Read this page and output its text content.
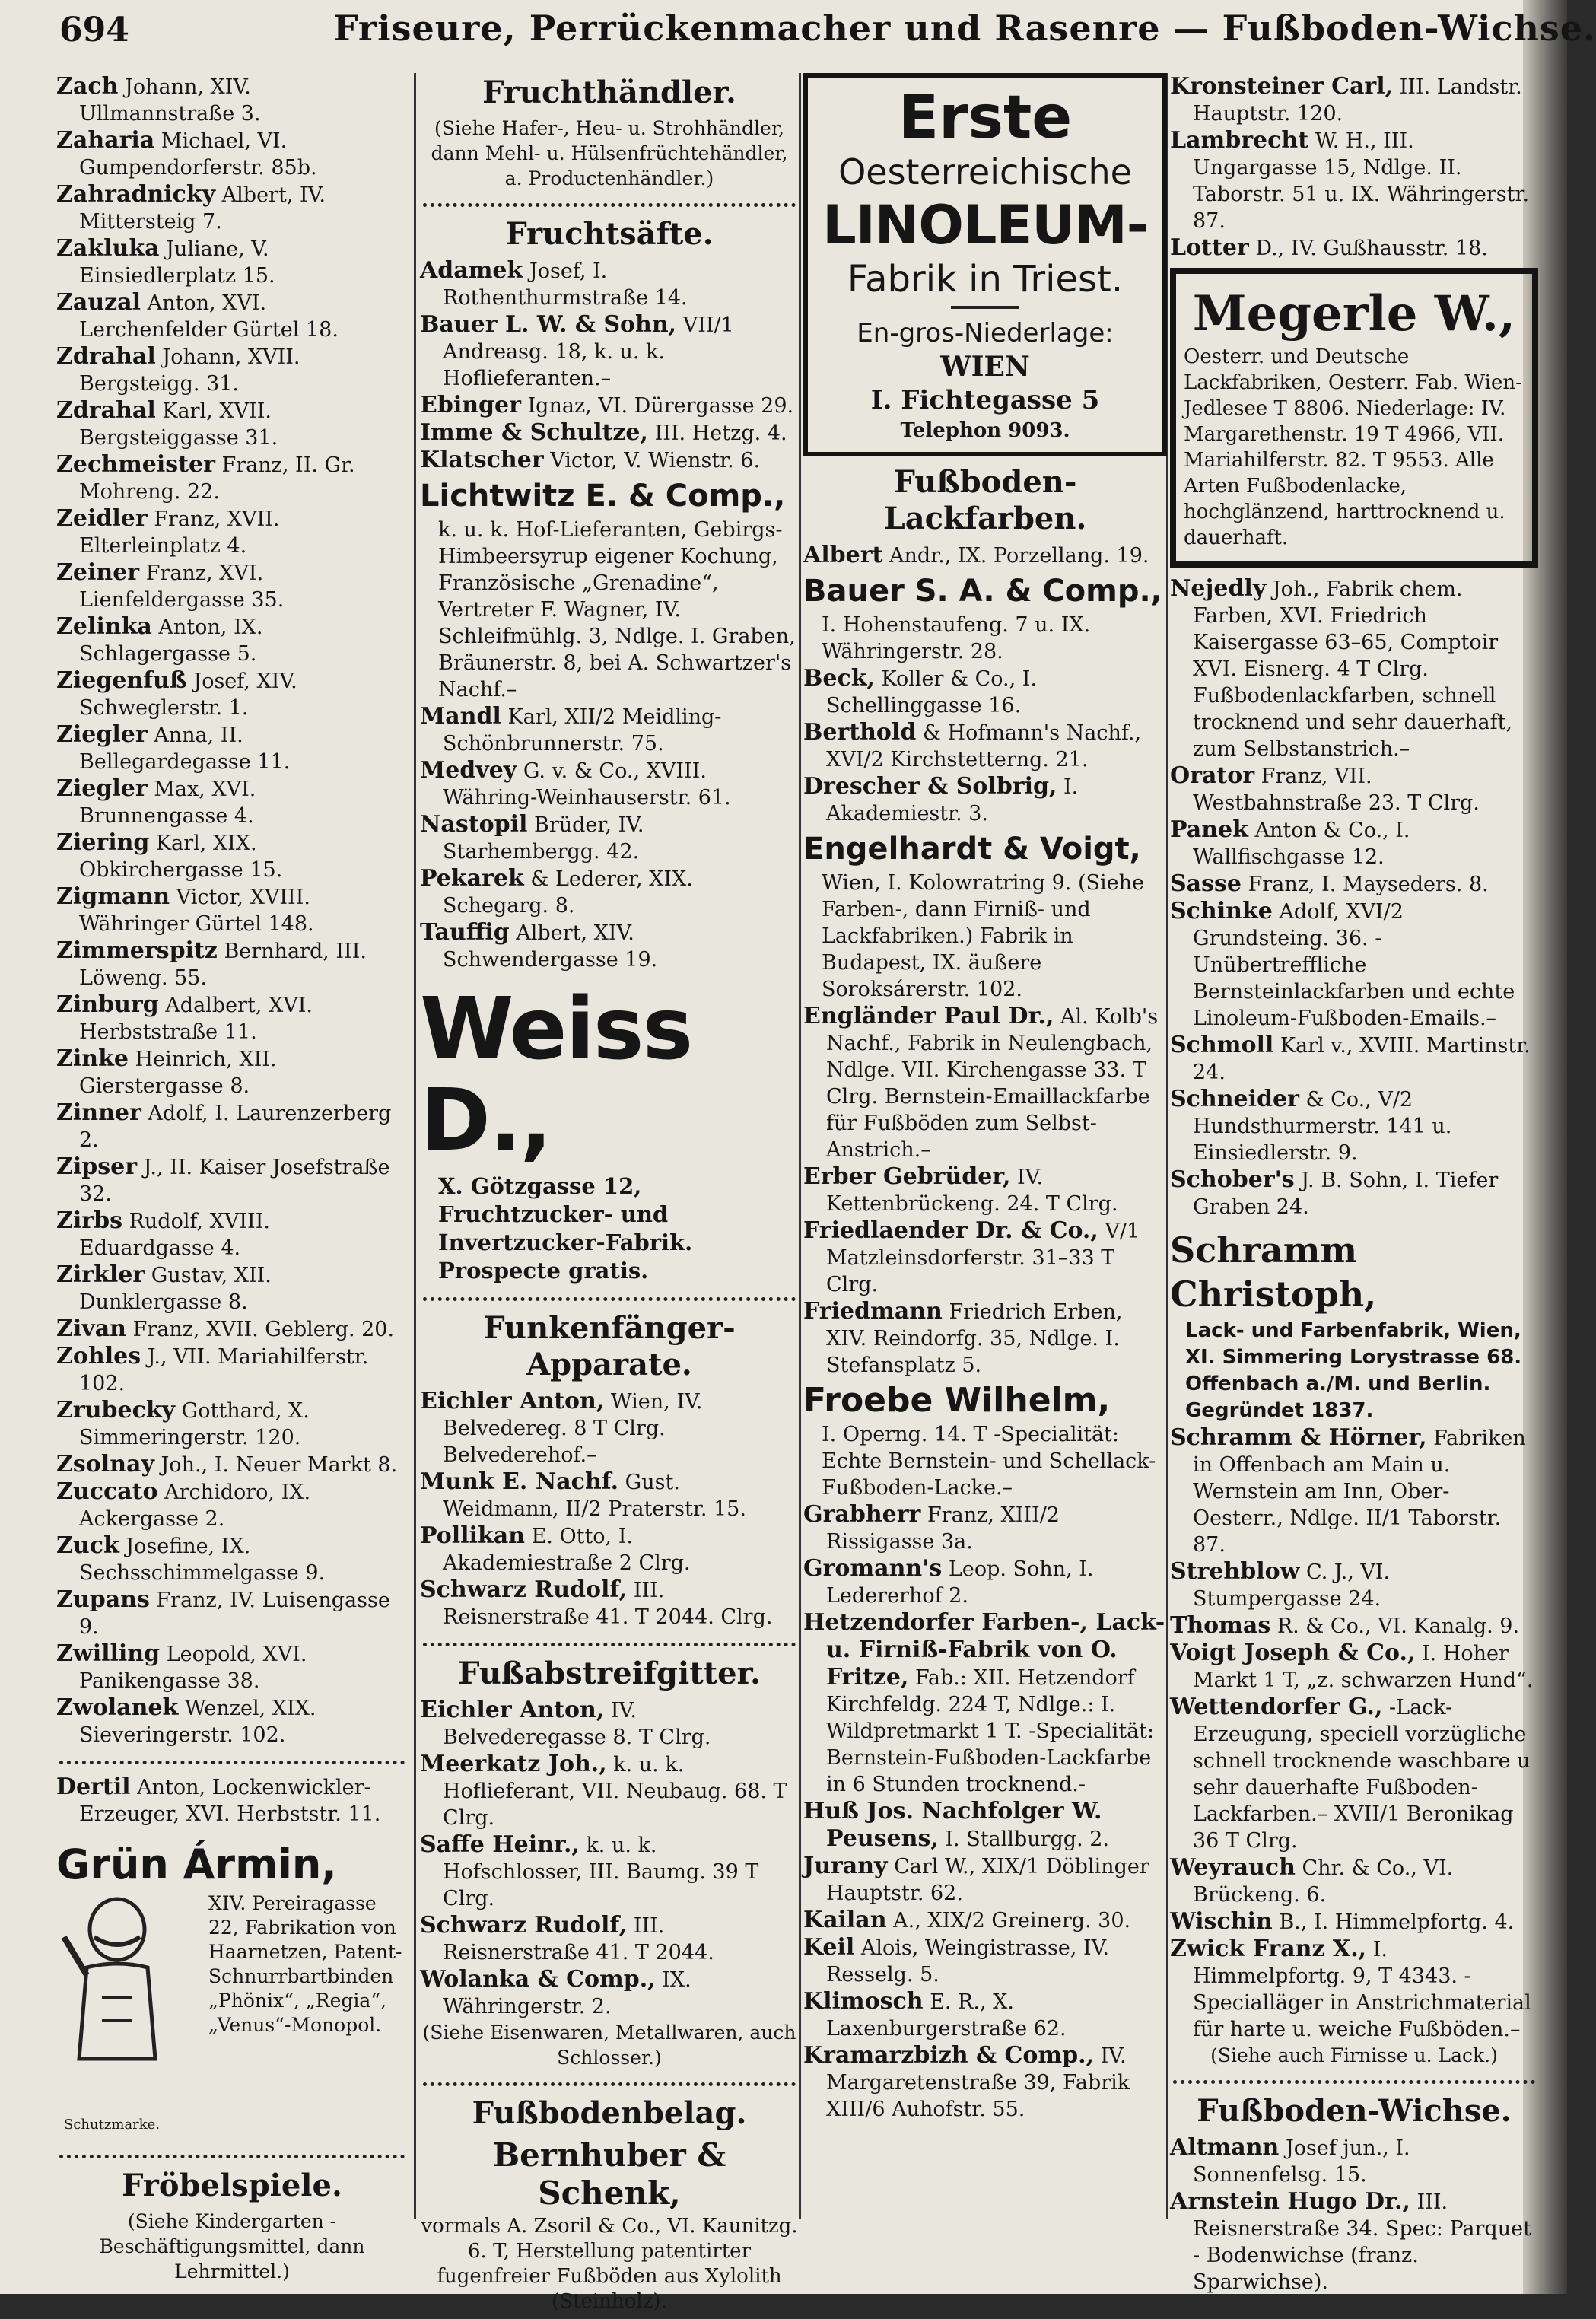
694	Friseure, Perrückenmacher und Rasenre — Fußboden-Wichse.

Zach Johann, XIV. Ullmannstraße 3.

Zaharia Michael, VI. Gumpendorferstr. 85b.

Zahradnicky Albert, IV. Mittersteig 7.

Zakluka Juliane, V. Einsiedlerplatz 15.

Zauzal Anton, XVI. Lerchenfelder Gürtel 18.

Zdrahal Johann, XVII. Bergsteigg. 31.

Zdrahal Karl, XVII. Bergsteiggasse 31.

Zechmeister Franz, II. Gr. Mohreng. 22.

Zeidler Franz, XVII. Elterleinplatz 4.

Zeiner Franz, XVI. Lienfeldergasse 35.

Zelinka Anton, IX. Schlagergasse 5.

Ziegenfuß Josef, XIV. Schweglerstr. 1.

Ziegler Anna, II. Bellegardegasse 11.

Ziegler Max, XVI. Brunnengasse 4.

Ziering Karl, XIX. Obkirchergasse 15.

Zigmann Victor, XVIII. Währinger Gürtel 148.

Zimmerspitz Bernhard, III. Löweng. 55.

Zinburg Adalbert, XVI. Herbststraße 11.

Zinke Heinrich, XII. Gierstergasse 8.

Zinner Adolf, I. Laurenzerberg 2.

Zipser J., II. Kaiser Josefstraße 32.

Zirbs Rudolf, XVIII. Eduardgasse 4.

Zirkler Gustav, XII. Dunklergasse 8.

Zivan Franz, XVII. Geblerg. 20.

Zohles J., VII. Mariahilferstr. 102.

Zrubecky Gotthard, X. Simmeringerstr. 120.

Zsolnay Joh., I. Neuer Markt 8.

Zuccato Archidoro, IX. Ackergasse 2.

Zuck Josefine, IX. Sechsschimmelgasse 9.

Zupans Franz, IV. Luisengasse 9.

Zwilling Leopold, XVI. Panikengasse 38.

Zwolanek Wenzel, XIX. Sieveringerstr. 102.

Dertil Anton, Lockenwickler-Erzeuger, XVI. Herbststr. 11.

Grün Ármin,
XIV. Pereiragasse 22, Fabrikation von Haarnetzen, Patent-Schnurrbartbinden „Phönix“, „Regia“, „Venus“-Monopol.
Schutzmarke.
Fröbelspiele.
(Siehe Kindergarten - Beschäftigungsmittel, dann Lehrmittel.)
Fruchthändler.
(Siehe Hafer-, Heu- u. Strohhändler, dann Mehl- u. Hülsenfrüchtehändler, a. Productenhändler.)
Fruchtsäfte.

Adamek Josef, I. Rothenthurmstraße 14.

Bauer L. W. & Sohn, VII/1 Andreasg. 18, k. u. k. Hoflieferanten.–

Ebinger Ignaz, VI. Dürergasse 29.

Imme & Schultze, III. Hetzg. 4.

Klatscher Victor, V. Wienstr. 6.

Lichtwitz E. & Comp.,

k. u. k. Hof-Lieferanten, Gebirgs-Himbeersyrup eigener Kochung, Französische „Grenadine“, Vertreter F. Wagner, IV. Schleifmühlg. 3, Ndlge. I. Graben, Bräunerstr. 8, bei A. Schwartzer's Nachf.–

Mandl Karl, XII/2 Meidling-Schönbrunnerstr. 75.

Medvey G. v. & Co., XVIII. Währing-Weinhauserstr. 61.

Nastopil Brüder, IV. Starhembergg. 42.

Pekarek & Lederer, XIX. Schegarg. 8.

Tauffig Albert, XIV. Schwendergasse 19.

Weiss D.,

X. Götzgasse 12, Fruchtzucker- und Invertzucker-Fabrik. Prospecte gratis.

Funkenfänger-Apparate.

Eichler Anton, Wien, IV. Belvedereg. 8 T Clrg. Belvederehof.–

Munk E. Nachf. Gust. Weidmann, II/2 Praterstr. 15.

Pollikan E. Otto, I. Akademiestraße 2 Clrg.

Schwarz Rudolf, III. Reisnerstraße 41. T 2044. Clrg.

Fußabstreifgitter.

Eichler Anton, IV. Belvederegasse 8. T Clrg.

Meerkatz Joh., k. u. k. Hoflieferant, VII. Neubaug. 68. T Clrg.

Saffe Heinr., k. u. k. Hofschlosser, III. Baumg. 39 T Clrg.

Schwarz Rudolf, III. Reisnerstraße 41. T 2044.

Wolanka & Comp., IX. Währingerstr. 2.

(Siehe Eisenwaren, Metallwaren, auch Schlosser.)
Fußbodenbelag.
Bernhuber & Schenk,
vormals A. Zsoril & Co., VI. Kaunitzg. 6. T, Herstellung patentirter fugenfreier Fußböden aus Xylolith (Steinholz).
Erste
Oesterreichische
LINOLEUM-
Fabrik in Triest.
En-gros-Niederlage:
WIEN
I. Fichtegasse 5
Telephon 9093.
Fußboden-Lackfarben.

Albert Andr., IX. Porzellang. 19.

Bauer S. A. & Comp.,

I. Hohenstaufeng. 7 u. IX. Währingerstr. 28.

Beck, Koller & Co., I. Schellinggasse 16.

Berthold & Hofmann's Nachf., XVI/2 Kirchstetterng. 21.

Drescher & Solbrig, I. Akademiestr. 3.

Engelhardt & Voigt,

Wien, I. Kolowratring 9. (Siehe Farben-, dann Firniß- und Lackfabriken.) Fabrik in Budapest, IX. äußere Soroksárerstr. 102.

Engländer Paul Dr., Al. Kolb's Nachf., Fabrik in Neulengbach, Ndlge. VII. Kirchengasse 33. T Clrg. Bernstein-Emaillackfarbe für Fußböden zum Selbst-Anstrich.–

Erber Gebrüder, IV. Kettenbrückeng. 24. T Clrg.

Friedlaender Dr. & Co., V/1 Matzleinsdorferstr. 31–33 T Clrg.

Friedmann Friedrich Erben, XIV. Reindorfg. 35, Ndlge. I. Stefansplatz 5.

Froebe Wilhelm,

I. Operng. 14. T -Specialität: Echte Bernstein- und Schellack-Fußboden-Lacke.–

Grabherr Franz, XIII/2 Rissigasse 3a.

Gromann's Leop. Sohn, I. Ledererhof 2.

Hetzendorfer Farben-, Lack- u. Firniß-Fabrik von O. Fritze, Fab.: XII. Hetzendorf Kirchfeldg. 224 T, Ndlge.: I. Wildpretmarkt 1 T. -Specialität: Bernstein-Fußboden-Lackfarbe in 6 Stunden trocknend.-

Huß Jos. Nachfolger W. Peusens, I. Stallburgg. 2.

Jurany Carl W., XIX/1 Döblinger Hauptstr. 62.

Kailan A., XIX/2 Greinerg. 30.

Keil Alois, Weingistrasse, IV. Resselg. 5.

Klimosch E. R., X. Laxenburgerstraße 62.

Kramarzbizh & Comp., IV. Margaretenstraße 39, Fabrik XIII/6 Auhofstr. 55.

Kronsteiner Carl, III. Landstr. Hauptstr. 120.

Lambrecht W. H., III. Ungargasse 15, Ndlge. II. Taborstr. 51 u. IX. Währingerstr. 87.

Lotter D., IV. Gußhausstr. 18.

Megerle W.,
Oesterr. und Deutsche Lackfabriken, Oesterr. Fab. Wien-Jedlesee T 8806. Niederlage: IV. Margarethenstr. 19 T 4966, VII. Mariahilferstr. 82. T 9553. Alle Arten Fußbodenlacke, hochglänzend, harttrocknend u. dauerhaft.

Nejedly Joh., Fabrik chem. Farben, XVI. Friedrich Kaisergasse 63–65, Comptoir XVI. Eisnerg. 4 T Clrg. Fußbodenlackfarben, schnell trocknend und sehr dauerhaft, zum Selbstanstrich.–

Orator Franz, VII. Westbahnstraße 23. T Clrg.

Panek Anton & Co., I. Wallfischgasse 12.

Sasse Franz, I. Mayseders. 8.

Schinke Adolf, XVI/2 Grundsteing. 36. -Unübertreffliche Bernsteinlackfarben und echte Linoleum-Fußboden-Emails.–

Schmoll Karl v., XVIII. Martinstr. 24.

Schneider & Co., V/2 Hundsthurmerstr. 141 u. Einsiedlerstr. 9.

Schober's J. B. Sohn, I. Tiefer Graben 24.

Schramm Christoph,

Lack- und Farbenfabrik, Wien, XI. Simmering Lorystrasse 68. Offenbach a./M. und Berlin. Gegründet 1837.

Schramm & Hörner, Fabriken in Offenbach am Main u. Wernstein am Inn, Ober-Oesterr., Ndlge. II/1 Taborstr. 87.

Strehblow C. J., VI. Stumpergasse 24.

Thomas R. & Co., VI. Kanalg. 9.

Voigt Joseph & Co., I. Hoher Markt 1 T, „z. schwarzen Hund“.

Wettendorfer G., -Lack-Erzeugung, speciell vorzügliche schnell trocknende waschbare u sehr dauerhafte Fußboden-Lackfarben.– XVII/1 Beronikag 36 T Clrg.

Weyrauch Chr. & Co., VI. Brückeng. 6.

Wischin B., I. Himmelpfortg. 4.

Zwick Franz X., I. Himmelpfortg. 9, T 4343. -Specialläger in Anstrichmaterial für harte u. weiche Fußböden.–

(Siehe auch Firnisse u. Lack.)
Fußboden-Wichse.

Altmann Josef jun., I. Sonnenfelsg. 15.

Arnstein Hugo Dr., III. Reisnerstraße 34. Spec: Parquet - Bodenwichse (franz. Sparwichse).
